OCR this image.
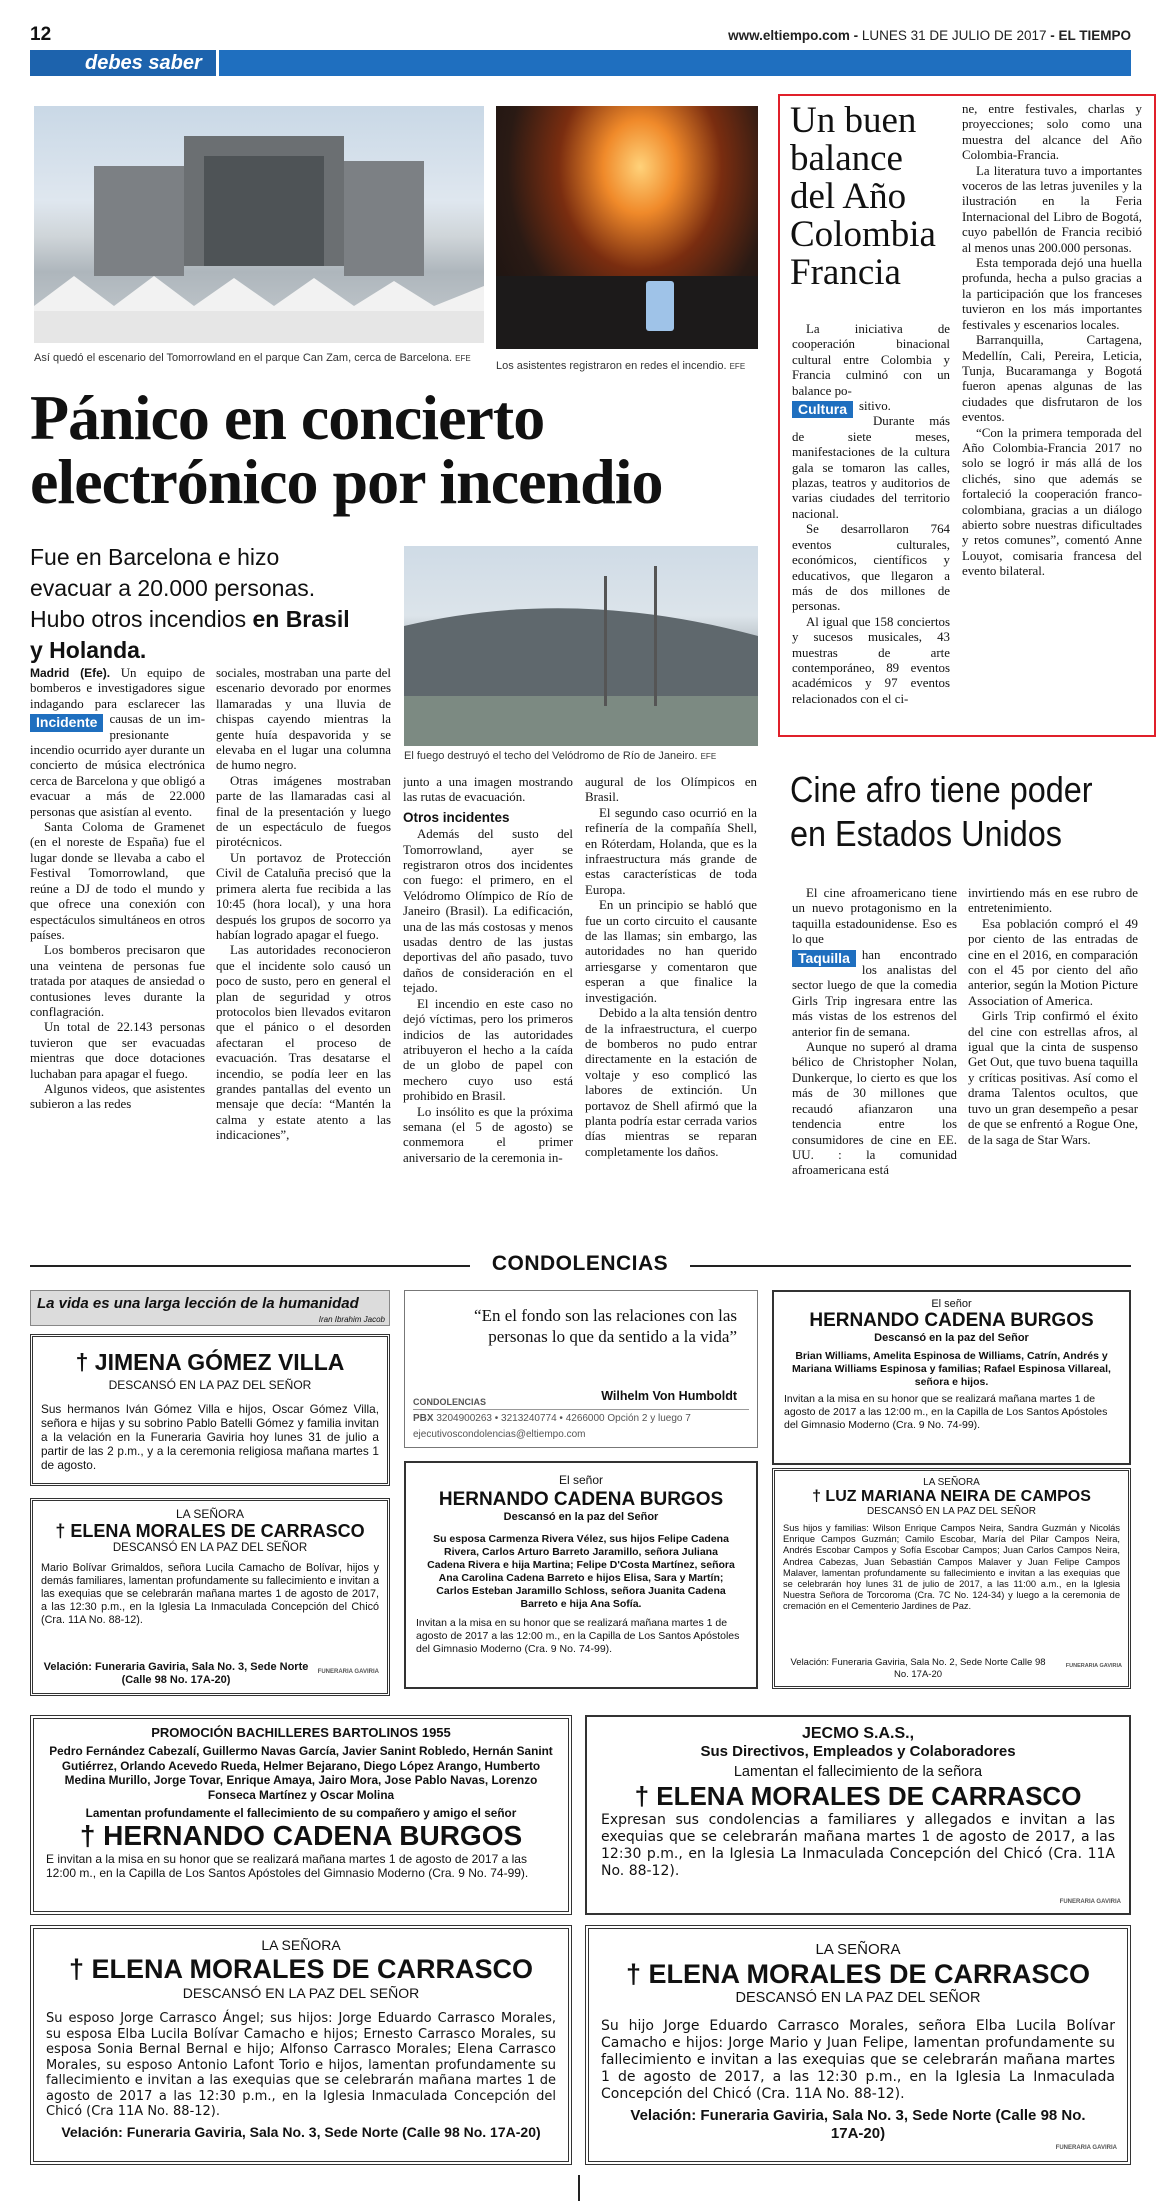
12	www.eltiempo.com - LUNES 31 DE JULIO DE 2017 - EL TIEMPO
debes saber
Así quedó el escenario del Tomorrowland en el parque Can Zam, cerca de Barcelona. EFE
Los asistentes registraron en redes el incendio. EFE
Pánico en concierto electrónico por incendio
Fue en Barcelona e hizo evacuar a 20.000 personas. Hubo otros incendios en Brasil y Holanda.
El fuego destruyó el techo del Velódromo de Río de Janeiro. EFE

Madrid (Efe). Un equipo de bomberos e investigadores sigue indagando para esclarecer las causas de un im-
Incidente
presionante incendio ocurrido ayer durante un concierto de música electrónica cerca de Barcelona y que obligó a evacuar a más de 22.000 personas que asistían al evento.

Santa Coloma de Gramenet (en el noreste de España) fue el lugar donde se llevaba a cabo el Festival Tomorrowland, que reúne a DJ de todo el mundo y que ofrece una conexión con espectáculos simultáneos en otros países.

Los bomberos precisaron que una veintena de personas fue tratada por ataques de ansiedad o contusiones leves durante la conflagración.

Un total de 22.143 personas tuvieron que ser evacuadas mientras que doce dotaciones luchaban para apagar el fuego.

Algunos videos, que asistentes subieron a las redes

sociales, mostraban una parte del escenario devorado por enormes llamaradas y una lluvia de chispas cayendo mientras la gente huía despavorida y se elevaba en el lugar una columna de humo negro.

Otras imágenes mostraban parte de las llamaradas casi al final de la presentación y luego de un espectáculo de fuegos pirotécnicos.

Un portavoz de Protección Civil de Cataluña precisó que la primera alerta fue recibida a las 10:45 (hora local), y una hora después los grupos de socorro ya habían logrado apagar el fuego.

Las autoridades reconocieron que el incidente solo causó un poco de susto, pero en general el plan de seguridad y otros protocolos bien llevados evitaron que el pánico o el desorden afectaran el proceso de evacuación. Tras desatarse el incendio, se podía leer en las grandes pantallas del evento un mensaje que decía: “Mantén la calma y estate atento a las indicaciones”,

junto a una imagen mostrando las rutas de evacuación.

Otros incidentes

Además del susto del Tomorrowland, ayer se registraron otros dos incidentes con fuego: el primero, en el Velódromo Olímpico de Río de Janeiro (Brasil). La edificación, una de las más costosas y menos usadas dentro de las justas deportivas del año pasado, tuvo daños de consideración en el tejado.

El incendio en este caso no dejó víctimas, pero los primeros indicios de las autoridades atribuyeron el hecho a la caída de un globo de papel con mechero cuyo uso está prohibido en Brasil.

Lo insólito es que la próxima semana (el 5 de agosto) se conmemora el primer aniversario de la ceremonia in-

augural de los Olímpicos en Brasil.

El segundo caso ocurrió en la refinería de la compañía Shell, en Róterdam, Holanda, que es la infraestructura más grande de estas características de toda Europa.

En un principio se habló que fue un corto circuito el causante de las llamas; sin embargo, las autoridades no han querido arriesgarse y comentaron que esperan a que finalice la investigación.

Debido a la alta tensión dentro de la infraestructura, el cuerpo de bomberos no pudo entrar directamente en la estación de voltaje y eso complicó las labores de extinción. Un portavoz de Shell afirmó que la planta podría estar cerrada varios días mientras se reparan completamente los daños.

Un buen balance del Año Colombia Francia

La iniciativa de cooperación binacional cultural entre Colombia y Francia culminó con un balance po-

Cultura sitivo.

Durante más de siete meses, manifestaciones de la cultura gala se tomaron las calles, plazas, teatros y auditorios de varias ciudades del territorio nacional.

Se desarrollaron 764 eventos culturales, económicos, científicos y educativos, que llegaron a más de dos millones de personas.

Al igual que 158 conciertos y sucesos musicales, 43 muestras de arte contemporáneo, 89 eventos académicos y 97 eventos relacionados con el ci-

ne, entre festivales, charlas y proyecciones; solo como una muestra del alcance del Año Colombia-Francia.

La literatura tuvo a importantes voceros de las letras juveniles y la ilustración en la Feria Internacional del Libro de Bogotá, cuyo pabellón de Francia recibió al menos unas 200.000 personas.

Esta temporada dejó una huella profunda, hecha a pulso gracias a la participación que los franceses tuvieron en los más importantes festivales y escenarios locales.

Barranquilla, Cartagena, Medellín, Cali, Pereira, Leticia, Tunja, Bucaramanga y Bogotá fueron apenas algunas de las ciudades que disfrutaron de los eventos.

“Con la primera temporada del Año Colombia-Francia 2017 no solo se logró ir más allá de los clichés, sino que además se fortaleció la cooperación franco-colombiana, gracias a un diálogo abierto sobre nuestras dificultades y retos comunes”, comentó Anne Louyot, comisaria francesa del evento bilateral.

Cine afro tiene poder en Estados Unidos

El cine afroamericano tiene un nuevo protagonismo en la taquilla estadounidense. Eso es lo que

Taquilla han encontrado los analistas del sector luego de que la comedia Girls Trip ingresara entre las más vistas de los estrenos del anterior fin de semana.

Aunque no superó al drama bélico de Christopher Nolan, Dunkerque, lo cierto es que los más de 30 millones que recaudó afianzaron una tendencia entre los consumidores de cine en EE. UU. : la comunidad afroamericana está

invirtiendo más en ese rubro de entretenimiento.

Esa población compró el 49 por ciento de las entradas de cine en el 2016, en comparación con el 45 por ciento del año anterior, según la Motion Picture Association of America.

Girls Trip confirmó el éxito del cine con estrellas afros, al igual que la cinta de suspenso Get Out, que tuvo buena taquilla y críticas positivas. Así como el drama Talentos ocultos, que tuvo un gran desempeño a pesar de que se enfrentó a Rogue One, de la saga de Star Wars.

CONDOLENCIAS
La vida es una larga lección de la humanidad
Iran Ibrahim Jacob
† JIMENA GÓMEZ VILLA
DESCANSÓ EN LA PAZ DEL SEÑOR
Sus hermanos Iván Gómez Villa e hijos, Oscar Gómez Villa, señora e hijas y su sobrino Pablo Batelli Gómez y familia invitan a la velación en la Funeraria Gaviria hoy lunes 31 de julio a partir de las 2 p.m., y a la ceremonia religiosa mañana martes 1 de agosto.
“En el fondo son las relaciones con las personas lo que da sentido a la vida”
Wilhelm Von Humboldt
CONDOLENCIAS
PBX 3204900263 • 3213240774 • 4266000 Opción 2 y luego 7
ejecutivoscondolencias@eltiempo.com
El señor
HERNANDO CADENA BURGOS
Descansó en la paz del Señor
Brian Williams, Amelita Espinosa de Williams, Catrín, Andrés y Mariana Williams Espinosa y familias; Rafael Espinosa Villareal, señora e hijos.
Invitan a la misa en su honor que se realizará mañana martes 1 de agosto de 2017 a las 12:00 m., en la Capilla de Los Santos Apóstoles del Gimnasio Moderno (Cra. 9 No. 74-99).
LA SEÑORA
† ELENA MORALES DE CARRASCO
DESCANSÓ EN LA PAZ DEL SEÑOR
Mario Bolívar Grimaldos, señora Lucila Camacho de Bolívar, hijos y demás familiares, lamentan profundamente su fallecimiento e invitan a las exequias que se celebrarán mañana martes 1 de agosto de 2017, a las 12:30 p.m., en la Iglesia La Inmaculada Concepción del Chicó (Cra. 11A No. 88-12).
Velación: Funeraria Gaviria, Sala No. 3, Sede Norte (Calle 98 No. 17A-20)
FUNERARIA GAVIRIA
El señor
HERNANDO CADENA BURGOS
Descansó en la paz del Señor
Su esposa Carmenza Rivera Vélez, sus hijos Felipe Cadena Rivera, Carlos Arturo Barreto Jaramillo, señora Juliana Cadena Rivera e hija Martina; Felipe D'Costa Martínez, señora Ana Carolina Cadena Barreto e hijos Elisa, Sara y Martín; Carlos Esteban Jaramillo Schloss, señora Juanita Cadena Barreto e hija Ana Sofía.
Invitan a la misa en su honor que se realizará mañana martes 1 de agosto de 2017 a las 12:00 m., en la Capilla de Los Santos Apóstoles del Gimnasio Moderno (Cra. 9 No. 74-99).
LA SEÑORA
† LUZ MARIANA NEIRA DE CAMPOS
DESCANSÓ EN LA PAZ DEL SEÑOR
Sus hijos y familias: Wilson Enrique Campos Neira, Sandra Guzmán y Nicolás Enrique Campos Guzmán; Camilo Escobar, María del Pilar Campos Neira, Andrés Escobar Campos y Sofía Escobar Campos; Juan Carlos Campos Neira, Andrea Cabezas, Juan Sebastián Campos Malaver y Juan Felipe Campos Malaver, lamentan profundamente su fallecimiento e invitan a las exequias que se celebrarán hoy lunes 31 de julio de 2017, a las 11:00 a.m., en la Iglesia Nuestra Señora de Torcoroma (Cra. 7C No. 124-34) y luego a la ceremonia de cremación en el Cementerio Jardines de Paz.
Velación: Funeraria Gaviria, Sala No. 2, Sede Norte Calle 98 No. 17A-20
FUNERARIA GAVIRIA
PROMOCIÓN BACHILLERES BARTOLINOS 1955
Pedro Fernández Cabezalí, Guillermo Navas García, Javier Sanint Robledo, Hernán Sanint Gutiérrez, Orlando Acevedo Rueda, Helmer Bejarano, Diego López Arango, Humberto Medina Murillo, Jorge Tovar, Enrique Amaya, Jairo Mora, Jose Pablo Navas, Lorenzo Fonseca Martínez y Oscar Molina
Lamentan profundamente el fallecimiento de su compañero y amigo el señor
† HERNANDO CADENA BURGOS
E invitan a la misa en su honor que se realizará mañana martes 1 de agosto de 2017 a las 12:00 m., en la Capilla de Los Santos Apóstoles del Gimnasio Moderno (Cra. 9 No. 74-99).
JECMO S.A.S.,
Sus Directivos, Empleados y Colaboradores
Lamentan el fallecimiento de la señora
† ELENA MORALES DE CARRASCO
Expresan sus condolencias a familiares y allegados e invitan a las exequias que se celebrarán mañana martes 1 de agosto de 2017, a las 12:30 p.m., en la Iglesia La Inmaculada Concepción del Chicó (Cra. 11A No. 88-12).
FUNERARIA GAVIRIA
LA SEÑORA
† ELENA MORALES DE CARRASCO
DESCANSÓ EN LA PAZ DEL SEÑOR
Su esposo Jorge Carrasco Ángel; sus hijos: Jorge Eduardo Carrasco Morales, su esposa Elba Lucila Bolívar Camacho e hijos; Ernesto Carrasco Morales, su esposa Sonia Bernal Bernal e hijo; Alfonso Carrasco Morales; Elena Carrasco Morales, su esposo Antonio Lafont Torio e hijos, lamentan profundamente su fallecimiento e invitan a las exequias que se celebrarán mañana martes 1 de agosto de 2017 a las 12:30 p.m., en la Iglesia Inmaculada Concepción del Chicó (Cra 11A No. 88-12).
Velación: Funeraria Gaviria, Sala No. 3, Sede Norte (Calle 98 No. 17A-20)
LA SEÑORA
† ELENA MORALES DE CARRASCO
DESCANSÓ EN LA PAZ DEL SEÑOR
Su hijo Jorge Eduardo Carrasco Morales, señora Elba Lucila Bolívar Camacho e hijos: Jorge Mario y Juan Felipe, lamentan profundamente su fallecimiento e invitan a las exequias que se celebrarán mañana martes 1 de agosto de 2017, a las 12:30 p.m., en la Iglesia La Inmaculada Concepción del Chicó (Cra. 11A No. 88-12).
Velación: Funeraria Gaviria, Sala No. 3, Sede Norte (Calle 98 No. 17A-20)
FUNERARIA GAVIRIA
